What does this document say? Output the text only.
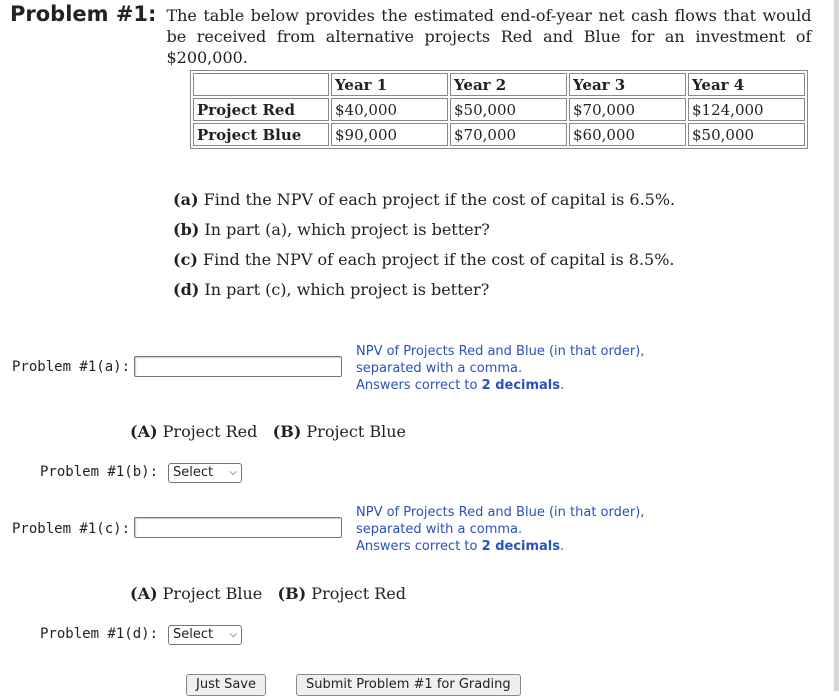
Problem #1: The table below provides the estimated end-of-year net cash flows that would be received from alternative projects Red and Blue for an investment of $200,000.
	Year 1	Year 2	Year 3	Year 4
Project Red	$40,000	$50,000	$70,000	$124,000
Project Blue	$90,000	$70,000	$60,000	$50,000
(a) Find the NPV of each project if the cost of capital is 6.5%.
(b) In part (a), which project is better?
(c) Find the NPV of each project if the cost of capital is 8.5%.
(d) In part (c), which project is better?
Problem #1(a):
NPV of Projects Red and Blue (in that order),
separated with a comma.
Answers correct to 2 decimals.
(A) Project Red (B) Project Blue
Problem #1(b):	Select ⌵
Problem #1(c):
NPV of Projects Red and Blue (in that order),
separated with a comma.
Answers correct to 2 decimals.
(A) Project Blue (B) Project Red
Problem #1(d):	Select ⌵
Just Save	Submit Problem #1 for Grading
